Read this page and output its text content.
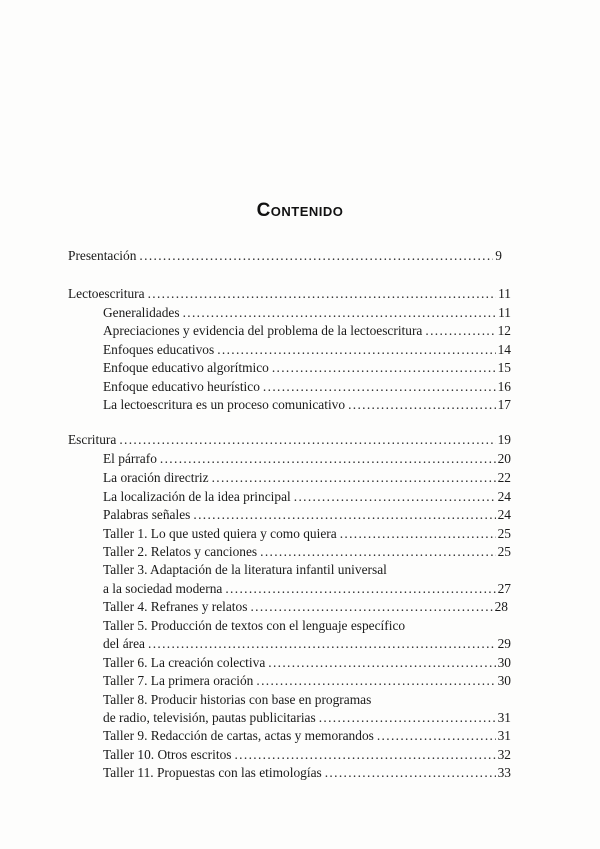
Contenido
Presentación . . .	9
Lectoescritura . . .	11
Generalidades . . .	11
Apreciaciones y evidencia del problema de la lectoescritura . . .	12
Enfoques educativos . . .	14
Enfoque educativo algorítmico . . .	15
Enfoque educativo heurístico . . .	16
La lectoescritura es un proceso comunicativo . . .	17
Escritura . . .	19
El párrafo . . .	20
La oración directriz . . .	22
La localización de la idea principal . . .	24
Palabras señales . . .	24
Taller 1. Lo que usted quiera y como quiera . . .	25
Taller 2. Relatos y canciones . . .	25
Taller 3. Adaptación de la literatura infantil universal
a la sociedad moderna . . .	27
Taller 4. Refranes y relatos . . .	28
Taller 5. Producción de textos con el lenguaje específico
del área . . .	29
Taller 6. La creación colectiva . . .	30
Taller 7. La primera oración . . .	30
Taller 8. Producir historias con base en programas
de radio, televisión, pautas publicitarias . . .	31
Taller 9. Redacción de cartas, actas y memorandos . . .	31
Taller 10. Otros escritos . . .	32
Taller 11. Propuestas con las etimologías . . .	33
